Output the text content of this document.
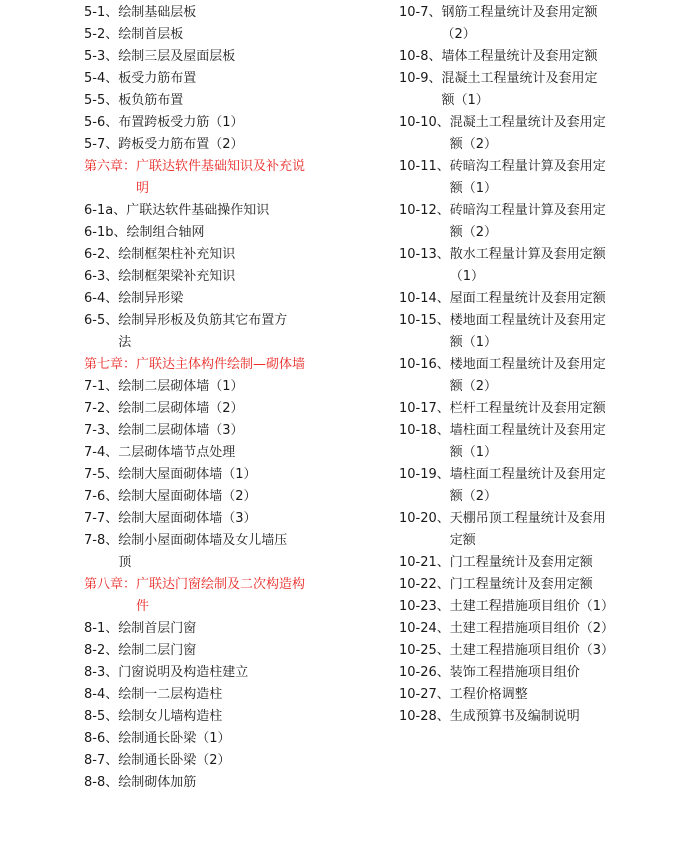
5-1、 绘制基础层板
5-2、 绘制首层板
5-3、 绘制三层及屋面层板
5-4、 板受力筋布置
5-5、 板负筋布置
5-6、 布置跨板受力筋（1）
5-7、 跨板受力筋布置（2）
第六章： 广联达软件基础知识及补充说明
6-1a、 广联达软件基础操作知识
6-1b、 绘制组合轴网
6-2、 绘制框架柱补充知识
6-3、 绘制框架梁补充知识
6-4、 绘制异形梁
6-5、 绘制异形板及负筋其它布置方法
第七章： 广联达主体构件绘制—砌体墙
7-1、 绘制二层砌体墙（1）
7-2、 绘制二层砌体墙（2）
7-3、 绘制二层砌体墙（3）
7-4、 二层砌体墙节点处理
7-5、 绘制大屋面砌体墙（1）
7-6、 绘制大屋面砌体墙（2）
7-7、 绘制大屋面砌体墙（3）
7-8、 绘制小屋面砌体墙及女儿墙压顶
第八章： 广联达门窗绘制及二次构造构件
8-1、 绘制首层门窗
8-2、 绘制二层门窗
8-3、 门窗说明及构造柱建立
8-4、 绘制一二层构造柱
8-5、 绘制女儿墙构造柱
8-6、 绘制通长卧梁（1）
8-7、 绘制通长卧梁（2）
8-8、 绘制砌体加筋
10-7、 钢筋工程量统计及套用定额（2）
10-8、 墙体工程量统计及套用定额
10-9、 混凝土工程量统计及套用定额（1）
10-10、 混凝土工程量统计及套用定额（2）
10-11、 砖暗沟工程量计算及套用定额（1）
10-12、 砖暗沟工程量计算及套用定额（2）
10-13、 散水工程量计算及套用定额（1）
10-14、 屋面工程量统计及套用定额
10-15、 楼地面工程量统计及套用定额（1）
10-16、 楼地面工程量统计及套用定额（2）
10-17、 栏杆工程量统计及套用定额
10-18、 墙柱面工程量统计及套用定额（1）
10-19、 墙柱面工程量统计及套用定额（2）
10-20、 天棚吊顶工程量统计及套用定额
10-21、 门工程量统计及套用定额
10-22、 门工程量统计及套用定额
10-23、 土建工程措施项目组价（1）
10-24、 土建工程措施项目组价（2）
10-25、 土建工程措施项目组价（3）
10-26、 装饰工程措施项目组价
10-27、 工程价格调整
10-28、 生成预算书及编制说明
